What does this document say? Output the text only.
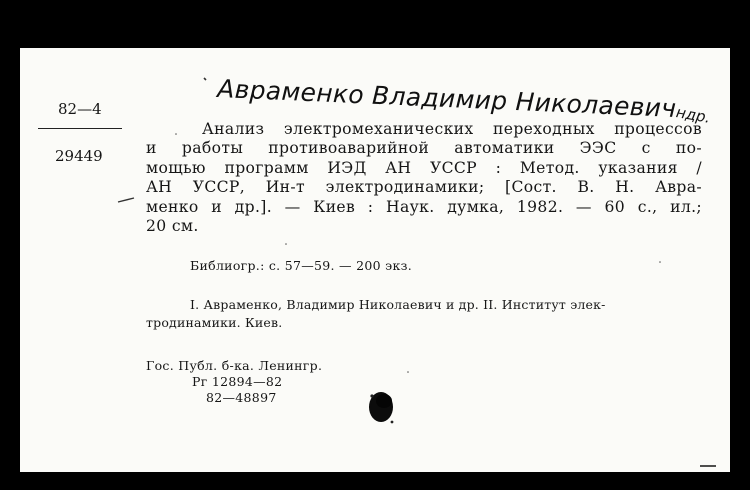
Авраменко Владимир Николаевич
ндр.
82—4
29449
Анализ электромеханических переходных процессов
и работы противоаварийной автоматики ЭЭС с по-
мощью программ ИЭД АН УССР : Метод. указания /
АН УССР, Ин-т электродинамики; [Сост. В. Н. Авра-
менко и др.]. — Киев : Наук. думка, 1982. — 60 с., ил.;
20 см.
Библиогр.: с. 57—59. — 200 экз.
I. Авраменко, Владимир Николаевич и др. II. Институт элек-
тродинамики. Киев.
Гос. Публ. б-ка. Ленингр.
Рг 12894—82
82—48897
